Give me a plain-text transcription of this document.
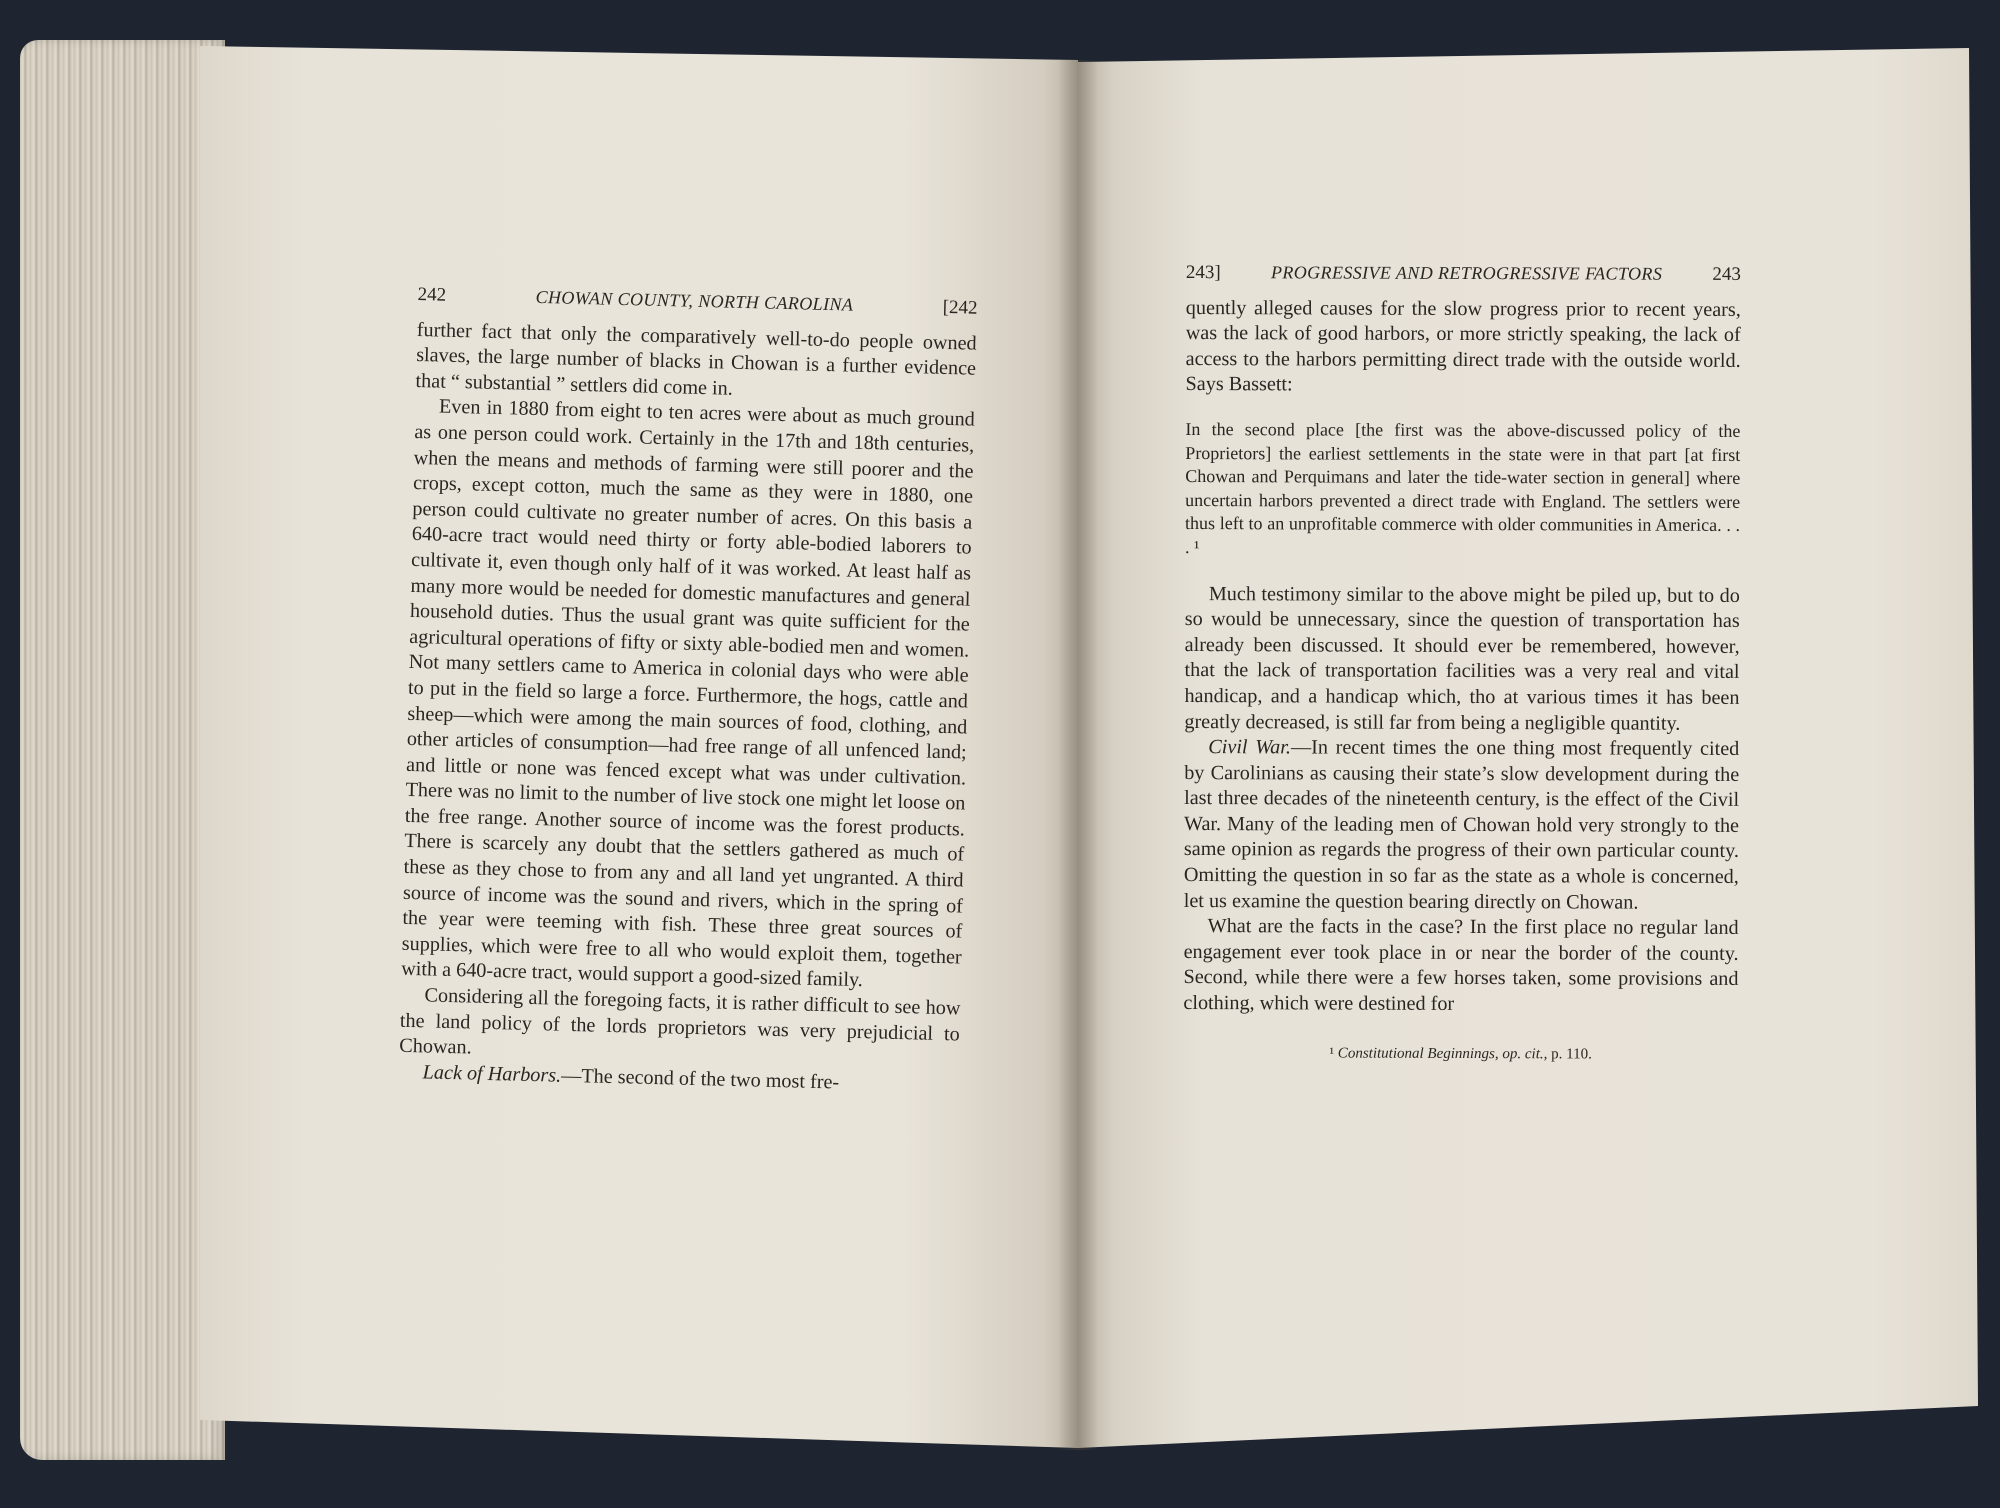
242	CHOWAN COUNTY, NORTH CAROLINA	[242

further fact that only the comparatively well-to-do people owned slaves, the large number of blacks in Chowan is a further evidence that “ substantial ” settlers did come in.

Even in 1880 from eight to ten acres were about as much ground as one person could work. Certainly in the 17th and 18th centuries, when the means and methods of farming were still poorer and the crops, except cotton, much the same as they were in 1880, one person could cultivate no greater number of acres. On this basis a 640-acre tract would need thirty or forty able-bodied laborers to cultivate it, even though only half of it was worked. At least half as many more would be needed for domestic manufactures and general household duties. Thus the usual grant was quite sufficient for the agricultural operations of fifty or sixty able-bodied men and women. Not many settlers came to America in colonial days who were able to put in the field so large a force. Furthermore, the hogs, cattle and sheep—which were among the main sources of food, clothing, and other articles of consumption—had free range of all unfenced land; and little or none was fenced except what was under cultivation. There was no limit to the number of live stock one might let loose on the free range. Another source of income was the forest products. There is scarcely any doubt that the settlers gathered as much of these as they chose to from any and all land yet ungranted. A third source of income was the sound and rivers, which in the spring of the year were teeming with fish. These three great sources of supplies, which were free to all who would exploit them, together with a 640-acre tract, would support a good-sized family.

Considering all the foregoing facts, it is rather difficult to see how the land policy of the lords proprietors was very prejudicial to Chowan.

Lack of Harbors.—The second of the two most fre-

243]	PROGRESSIVE AND RETROGRESSIVE FACTORS	243

quently alleged causes for the slow progress prior to recent years, was the lack of good harbors, or more strictly speaking, the lack of access to the harbors permitting direct trade with the outside world. Says Bassett:

In the second place [the first was the above-discussed policy of the Proprietors] the earliest settlements in the state were in that part [at first Chowan and Perquimans and later the tide-water section in general] where uncertain harbors prevented a direct trade with England. The settlers were thus left to an unprofitable commerce with older communities in America. . . . ¹

Much testimony similar to the above might be piled up, but to do so would be unnecessary, since the question of transportation has already been discussed. It should ever be remembered, however, that the lack of transportation facilities was a very real and vital handicap, and a handicap which, tho at various times it has been greatly decreased, is still far from being a negligible quantity.

Civil War.—In recent times the one thing most frequently cited by Carolinians as causing their state’s slow development during the last three decades of the nineteenth century, is the effect of the Civil War. Many of the leading men of Chowan hold very strongly to the same opinion as regards the progress of their own particular county. Omitting the question in so far as the state as a whole is concerned, let us examine the question bearing directly on Chowan.

What are the facts in the case? In the first place no regular land engagement ever took place in or near the border of the county. Second, while there were a few horses taken, some provisions and clothing, which were destined for

¹ Constitutional Beginnings, op. cit., p. 110.
